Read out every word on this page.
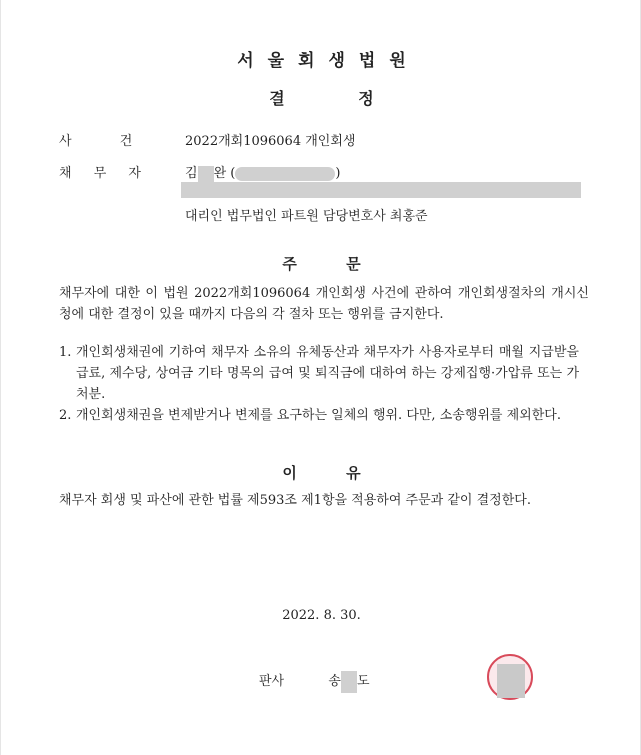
서울회생법원
결 정
사 건	2022개회1096064 개인회생
채 무 자	김 완 (	)
대리인 법무법인 파트원 담당변호사 최홍준
주 문
채무자에 대한 이 법원 2022개회1096064 개인회생 사건에 관하여 개인회생절차의 개시신청에 대한 결정이 있을 때까지 다음의 각 절차 또는 행위를 금지한다.
1. 개인회생채권에 기하여 채무자 소유의 유체동산과 채무자가 사용자로부터 매월 지급받을 급료, 제수당, 상여금 기타 명목의 급여 및 퇴직금에 대하여 하는 강제집행·가압류 또는 가처분.
2. 개인회생채권을 변제받거나 변제를 요구하는 일체의 행위. 다만, 소송행위를 제외한다.
이 유
채무자 회생 및 파산에 관한 법률 제593조 제1항을 적용하여 주문과 같이 결정한다.
2022. 8. 30.
판사	송 도
